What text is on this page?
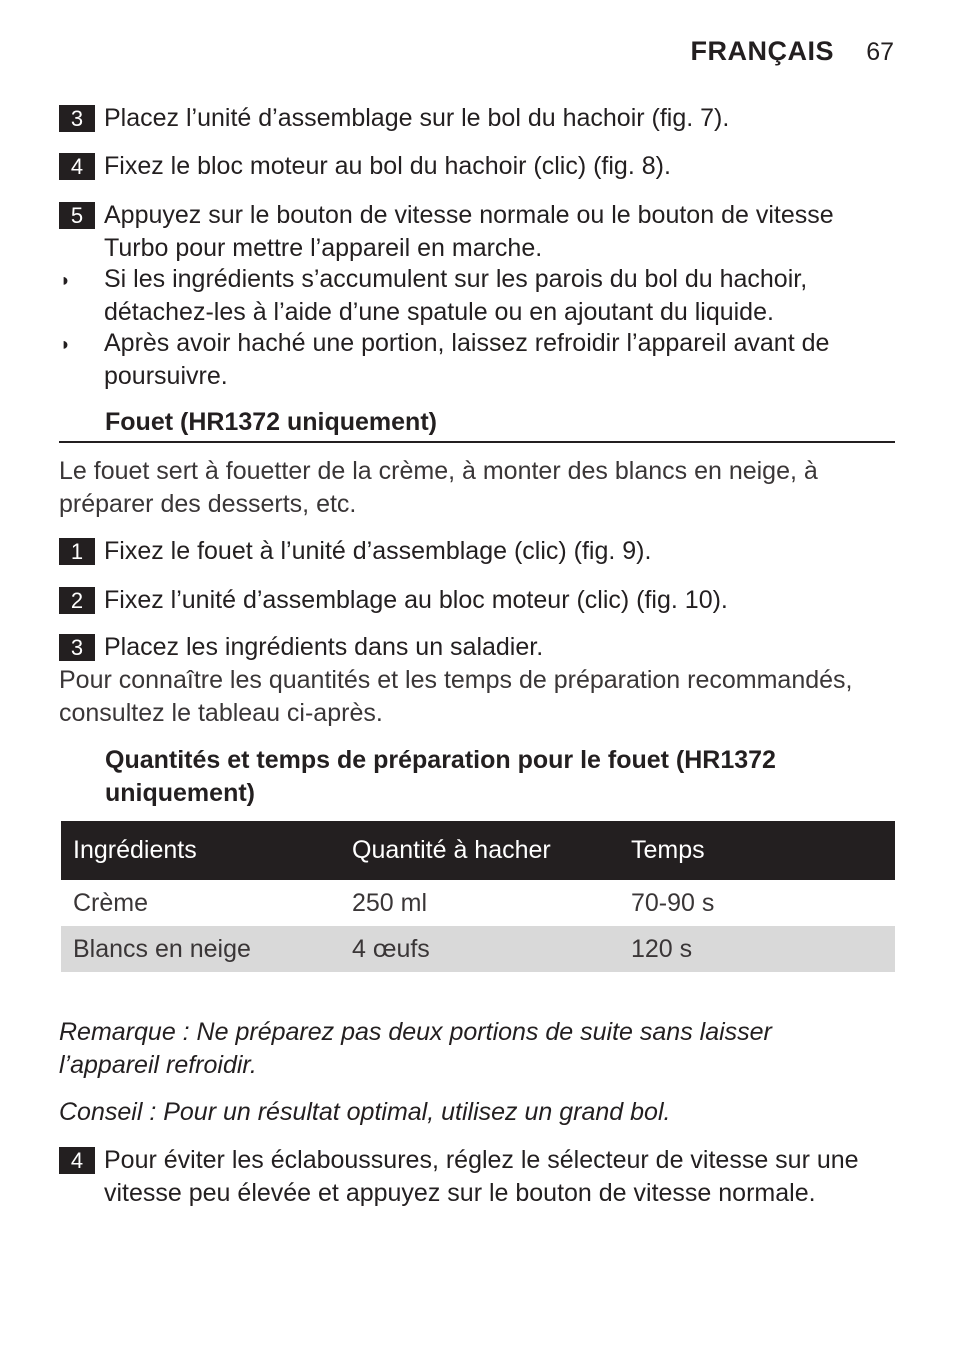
FRANÇAIS 67
3 Placez l’unité d’assemblage sur le bol du hachoir (fig. 7).
4 Fixez le bloc moteur au bol du hachoir (clic) (fig. 8).
5 Appuyez sur le bouton de vitesse normale ou le bouton de vitesse Turbo pour mettre l’appareil en marche.
◗ Si les ingrédients s’accumulent sur les parois du bol du hachoir, détachez-les à l’aide d’une spatule ou en ajoutant du liquide.
◗ Après avoir haché une portion, laissez refroidir l’appareil avant de poursuivre.
Fouet (HR1372 uniquement)
Le fouet sert à fouetter de la crème, à monter des blancs en neige, à préparer des desserts, etc.
1 Fixez le fouet à l’unité d’assemblage (clic) (fig. 9).
2 Fixez l’unité d’assemblage au bloc moteur (clic) (fig. 10).
3 Placez les ingrédients dans un saladier.
Pour connaître les quantités et les temps de préparation recommandés, consultez le tableau ci-après.
Quantités et temps de préparation pour le fouet (HR1372 uniquement)
Ingrédients	Quantité à hacher	Temps
Crème	250 ml	70-90 s
Blancs en neige	4 œufs	120 s
Remarque : Ne préparez pas deux portions de suite sans laisser l’appareil refroidir.
Conseil : Pour un résultat optimal, utilisez un grand bol.
4 Pour éviter les éclaboussures, réglez le sélecteur de vitesse sur une vitesse peu élevée et appuyez sur le bouton de vitesse normale.
